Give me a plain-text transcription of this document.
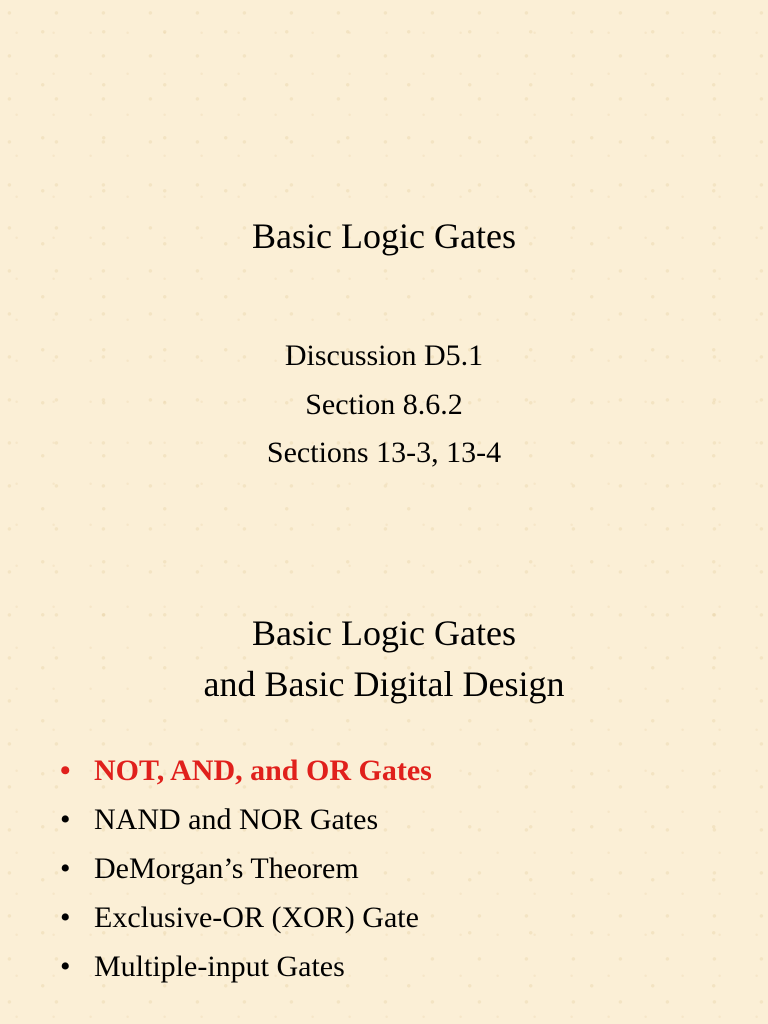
Basic Logic Gates
Discussion D5.1
Section 8.6.2
Sections 13-3, 13-4
Basic Logic Gates
and Basic Digital Design
• NOT, AND, and OR Gates
• NAND and NOR Gates
• DeMorgan’s Theorem
• Exclusive-OR (XOR) Gate
• Multiple-input Gates
